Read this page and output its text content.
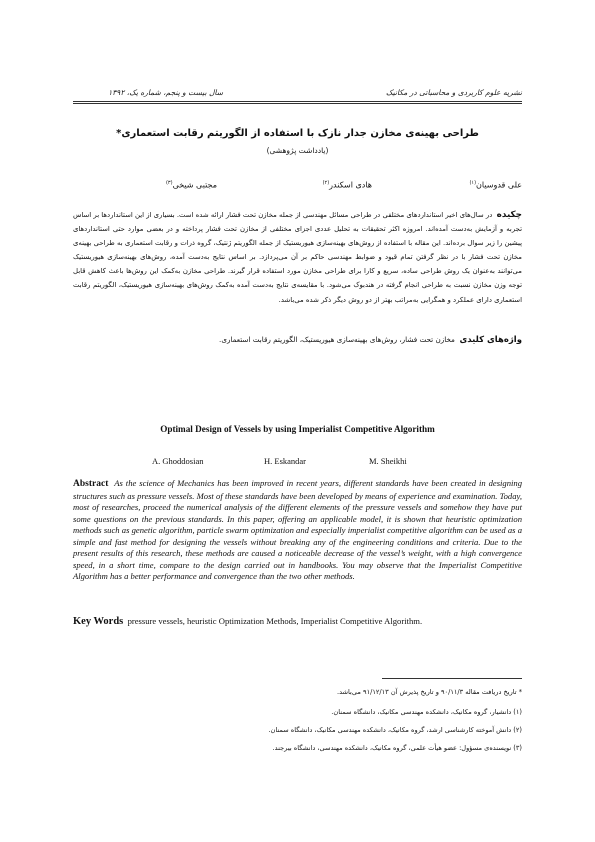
سال بیست و پنجم، شماره یک، ۱۳۹۲	نشریه علوم کاربردی و محاسباتی در مکانیک
طراحی بهینه‌ی مخازن جدار نازک با استفاده از الگوریتم رقابت استعماری*
(یادداشت پژوهشی)
علی قدوسیان$^{(۱)}$
هادی اسکندر$^{(۲)}$
مجتبی شیخی$^{(۳)}$
چکیده  در سال‌های اخیر استانداردهای مختلفی در طراحی مسائل مهندسی از جمله مخازن تحت فشار ارائه شده است. بسیاری از این استانداردها بر اساس تجربه و آزمایش به‌دست آمده‌اند. امروزه اکثر تحقیقات به تحلیل عددی اجزای مختلفی از مخازن تحت فشار پرداخته و در بعضی موارد حتی استانداردهای پیشین را زیر سوال برده‌اند. این مقاله با استفاده از روش‌های بهینه‌سازی هیوریستیک از جمله الگوریتم ژنتیک، گروه ذرات و رقابت استعماری به طراحی بهینه‌ی مخازن تحت فشار با در نظر گرفتن تمام قیود و ضوابط مهندسی حاکم بر آن می‌پردازد. بر اساس نتایج به‌دست آمده، روش‌های بهینه‌سازی هیوریستیک می‌توانند به‌عنوان یک روش طراحی ساده، سریع و کارا برای طراحی مخازن مورد استفاده قرار گیرند. طراحی مخازن به‌کمک این روش‌ها باعث کاهش قابل توجه وزن مخازن نسبت به طراحی انجام گرفته در هندبوک می‌شود. با مقایسه‌ی نتایج به‌دست آمده به‌کمک روش‌های بهینه‌سازی هیوریستیک، الگوریتم رقابت استعماری دارای عملکرد و همگرایی به‌مراتب بهتر از دو روش دیگر ذکر شده می‌باشد.
واژه‌های کلیدی  مخازن تحت فشار، روش‌های بهینه‌سازی هیوریستیک، الگوریتم رقابت استعماری.
Optimal Design of Vessels by using Imperialist Competitive Algorithm
A. Ghoddosian	H. Eskandar	M. Sheikhi
Abstract As the science of Mechanics has been improved in recent years, different standards have been created in designing structures such as pressure vessels. Most of these standards have been developed by means of experience and examination. Today, most of researches, proceed the numerical analysis of the different elements of the pressure vessels and somehow they have put some questions on the previous standards. In this paper, offering an applicable model, it is shown that heuristic optimization methods such as genetic algorithm, particle swarm optimization and especially imperialist competitive algorithm can be used as a simple and fast method for designing the vessels without breaking any of the engineering conditions and criteria. Due to the present results of this research, these methods are caused a noticeable decrease of the vessel’s weight, with a high convergence speed, in a short time, compare to the design carried out in handbooks. You may observe that the Imperialist Competitive Algorithm has a better performance and convergence than the two other methods.
Key Words pressure vessels, heuristic Optimization Methods, Imperialist Competitive Algorithm.
* تاریخ دریافت مقاله ۹۰/۱۱/۳ و تاریخ پذیرش آن ۹۱/۱۲/۱۳ می‌باشد.
(۱) دانشیار، گروه مکانیک، دانشکده مهندسی مکانیک، دانشگاه سمنان.
(۲) دانش آموخته کارشناسی ارشد، گروه مکانیک، دانشکده مهندسی مکانیک، دانشگاه سمنان.
(۳) نویسنده‌ی مسؤول: عضو هیأت علمی، گروه مکانیک، دانشکده مهندسی، دانشگاه بیرجند.
